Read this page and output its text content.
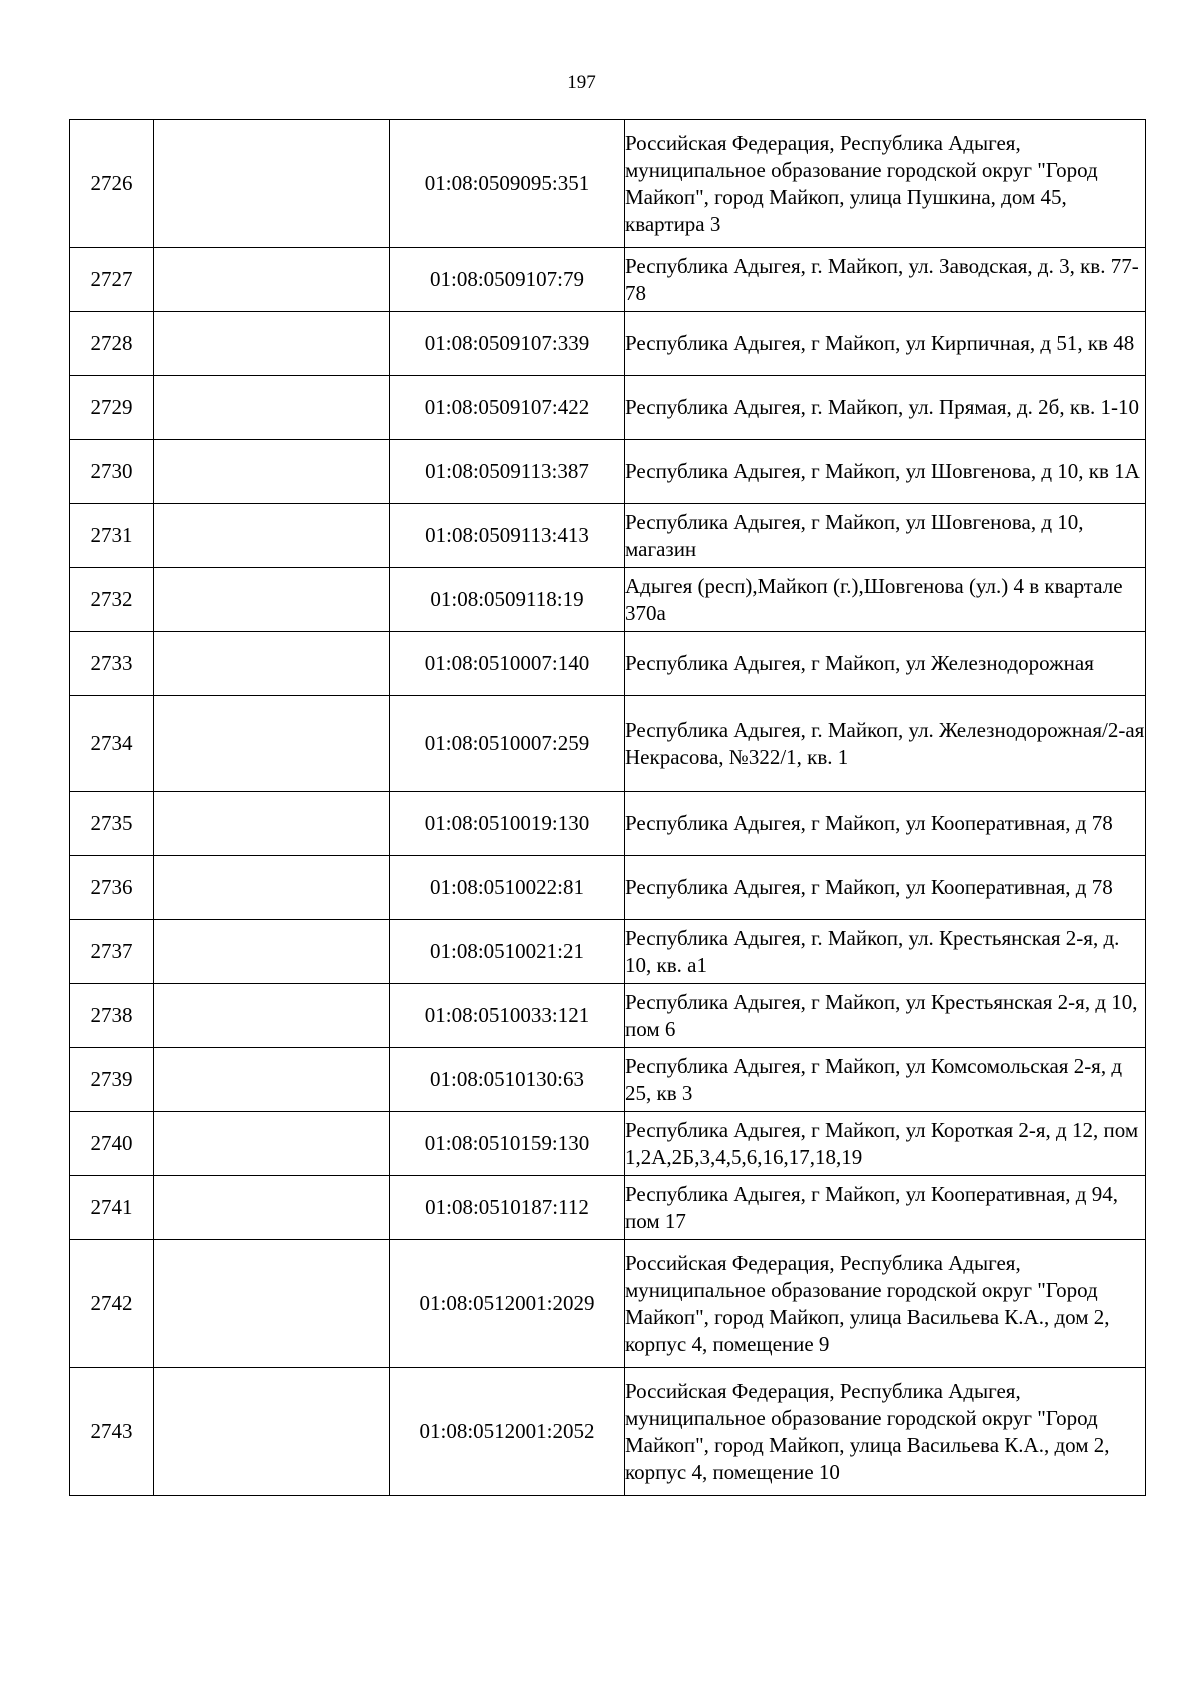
197
2726		01:08:0509095:351	Российская Федерация, Республика Адыгея, муниципальное образование городской округ "Город Майкоп", город Майкоп, улица Пушкина, дом 45, квартира 3
2727		01:08:0509107:79	Республика Адыгея, г. Майкоп, ул. Заводская, д. 3, кв. 77-78
2728		01:08:0509107:339	Республика Адыгея, г Майкоп, ул Кирпичная, д 51, кв 48
2729		01:08:0509107:422	Республика Адыгея, г. Майкоп, ул. Прямая, д. 2б, кв. 1-10
2730		01:08:0509113:387	Республика Адыгея, г Майкоп, ул Шовгенова, д 10, кв 1А
2731		01:08:0509113:413	Республика Адыгея, г Майкоп, ул Шовгенова, д 10, магазин
2732		01:08:0509118:19	Адыгея (респ),Майкоп (г.),Шовгенова (ул.) 4 в квартале 370а
2733		01:08:0510007:140	Республика Адыгея, г Майкоп, ул Железнодорожная
2734		01:08:0510007:259	Республика Адыгея, г. Майкоп, ул. Железнодорожная/2-ая Некрасова, №322/1, кв. 1
2735		01:08:0510019:130	Республика Адыгея, г Майкоп, ул Кооперативная, д 78
2736		01:08:0510022:81	Республика Адыгея, г Майкоп, ул Кооперативная, д 78
2737		01:08:0510021:21	Республика Адыгея, г. Майкоп, ул. Крестьянская 2-я, д. 10, кв. а1
2738		01:08:0510033:121	Республика Адыгея, г Майкоп, ул Крестьянская 2-я, д 10, пом 6
2739		01:08:0510130:63	Республика Адыгея, г Майкоп, ул Комсомольская 2-я, д 25, кв 3
2740		01:08:0510159:130	Республика Адыгея, г Майкоп, ул Короткая 2-я, д 12, пом 1,2А,2Б,3,4,5,6,16,17,18,19
2741		01:08:0510187:112	Республика Адыгея, г Майкоп, ул Кооперативная, д 94, пом 17
2742		01:08:0512001:2029	Российская Федерация, Республика Адыгея, муниципальное образование городской округ "Город Майкоп", город Майкоп, улица Васильева К.А., дом 2, корпус 4, помещение 9
2743		01:08:0512001:2052	Российская Федерация, Республика Адыгея, муниципальное образование городской округ "Город Майкоп", город Майкоп, улица Васильева К.А., дом 2, корпус 4, помещение 10
